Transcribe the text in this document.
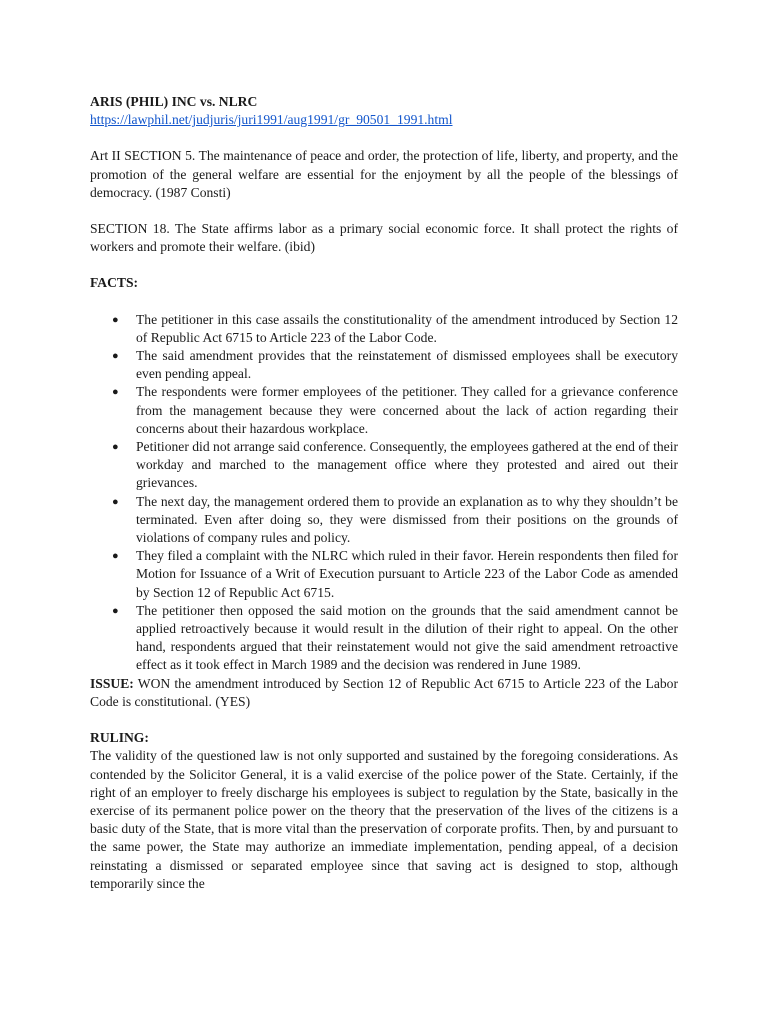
ARIS (PHIL) INC vs. NLRC

https://lawphil.net/judjuris/juri1991/aug1991/gr_90501_1991.html

Art II SECTION 5. The maintenance of peace and order, the protection of life, liberty, and property, and the promotion of the general welfare are essential for the enjoyment by all the people of the blessings of democracy. (1987 Consti)

SECTION 18. The State affirms labor as a primary social economic force. It shall protect the rights of workers and promote their welfare. (ibid)

FACTS:

● The petitioner in this case assails the constitutionality of the amendment introduced by Section 12 of Republic Act 6715 to Article 223 of the Labor Code.
● The said amendment provides that the reinstatement of dismissed employees shall be executory even pending appeal.
● The respondents were former employees of the petitioner. They called for a grievance conference from the management because they were concerned about the lack of action regarding their concerns about their hazardous workplace.
● Petitioner did not arrange said conference. Consequently, the employees gathered at the end of their workday and marched to the management office where they protested and aired out their grievances.
● The next day, the management ordered them to provide an explanation as to why they shouldn’t be terminated. Even after doing so, they were dismissed from their positions on the grounds of violations of company rules and policy.
● They filed a complaint with the NLRC which ruled in their favor. Herein respondents then filed for Motion for Issuance of a Writ of Execution pursuant to Article 223 of the Labor Code as amended by Section 12 of Republic Act 6715.
● The petitioner then opposed the said motion on the grounds that the said amendment cannot be applied retroactively because it would result in the dilution of their right to appeal. On the other hand, respondents argued that their reinstatement would not give the said amendment retroactive effect as it took effect in March 1989 and the decision was rendered in June 1989.

ISSUE: WON the amendment introduced by Section 12 of Republic Act 6715 to Article 223 of the Labor Code is constitutional. (YES)

RULING:

The validity of the questioned law is not only supported and sustained by the foregoing considerations. As contended by the Solicitor General, it is a valid exercise of the police power of the State. Certainly, if the right of an employer to freely discharge his employees is subject to regulation by the State, basically in the exercise of its permanent police power on the theory that the preservation of the lives of the citizens is a basic duty of the State, that is more vital than the preservation of corporate profits. Then, by and pursuant to the same power, the State may authorize an immediate implementation, pending appeal, of a decision reinstating a dismissed or separated employee since that saving act is designed to stop, although temporarily since the
